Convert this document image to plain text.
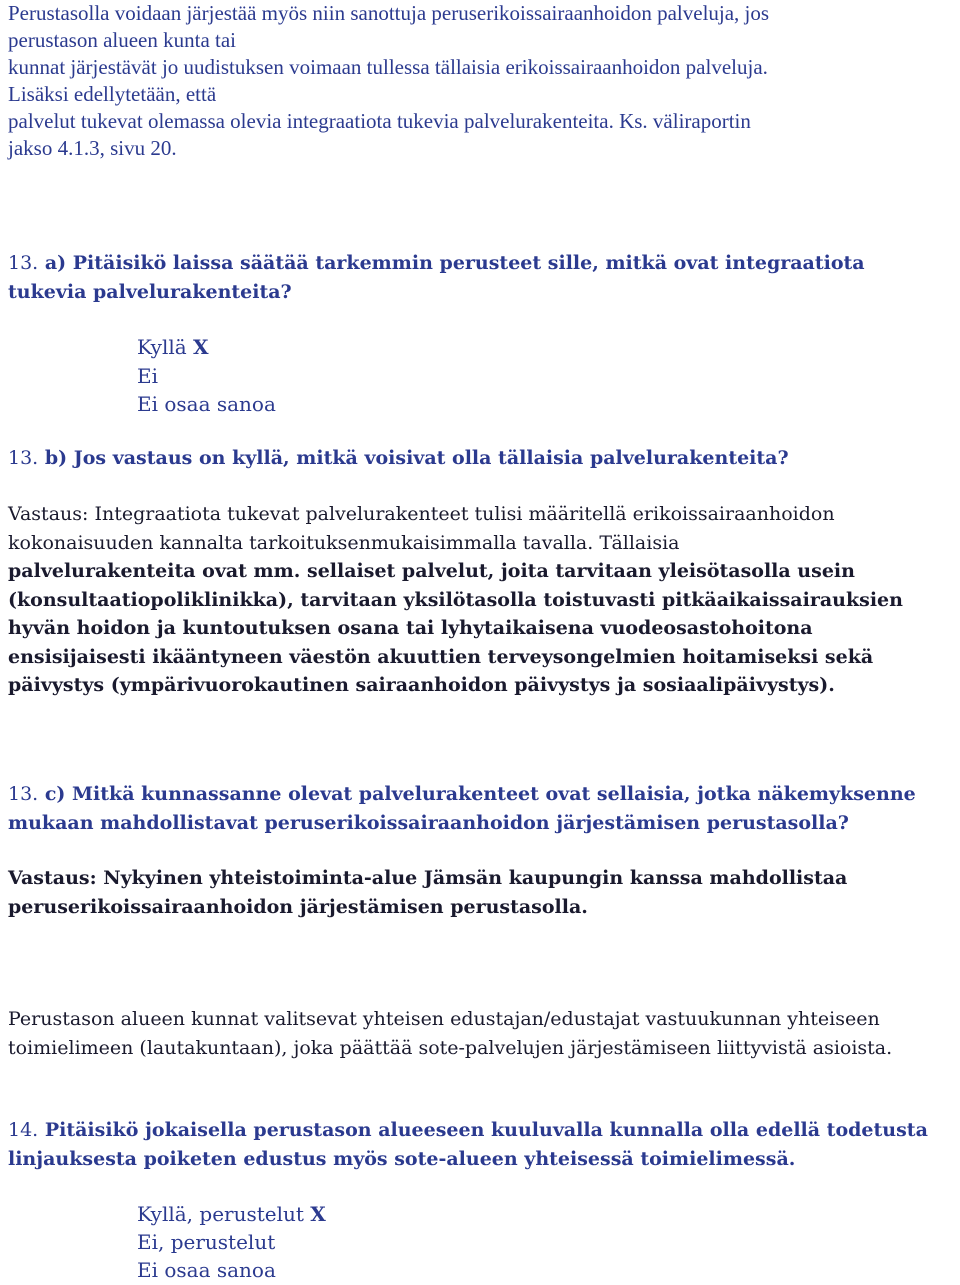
Perustasolla voidaan järjestää myös niin sanottuja peruserikoissairaanhoidon palveluja, jos
perustason alueen kunta tai
kunnat järjestävät jo uudistuksen voimaan tullessa tällaisia erikoissairaanhoidon palveluja.
Lisäksi edellytetään, että
palvelut tukevat olemassa olevia integraatiota tukevia palvelurakenteita. Ks. väliraportin
jakso 4.1.3, sivu 20.
13. a) Pitäisikö laissa säätää tarkemmin perusteet sille, mitkä ovat integraatiota
tukevia palvelurakenteita?
Kyllä X
Ei
Ei osaa sanoa
13. b) Jos vastaus on kyllä, mitkä voisivat olla tällaisia palvelurakenteita?
Vastaus: Integraatiota tukevat palvelurakenteet tulisi määritellä erikoissairaanhoidon
kokonaisuuden kannalta tarkoituksenmukaisimmalla tavalla. Tällaisia
palvelurakenteita ovat mm. sellaiset palvelut, joita tarvitaan yleisötasolla usein
(konsultaatiopoliklinikka), tarvitaan yksilötasolla toistuvasti pitkäaikaissairauksien
hyvän hoidon ja kuntoutuksen osana tai lyhytaikaisena vuodeosastohoitona
ensisijaisesti ikääntyneen väestön akuuttien terveysongelmien hoitamiseksi sekä
päivystys (ympärivuorokautinen sairaanhoidon päivystys ja sosiaalipäivystys).
13. c) Mitkä kunnassanne olevat palvelurakenteet ovat sellaisia, jotka näkemyksenne
mukaan mahdollistavat peruserikoissairaanhoidon järjestämisen perustasolla?
Vastaus: Nykyinen yhteistoiminta-alue Jämsän kaupungin kanssa mahdollistaa
peruserikoissairaanhoidon järjestämisen perustasolla.
Perustason alueen kunnat valitsevat yhteisen edustajan/edustajat vastuukunnan yhteiseen
toimielimeen (lautakuntaan), joka päättää sote-palvelujen järjestämiseen liittyvistä asioista.
14. Pitäisikö jokaisella perustason alueeseen kuuluvalla kunnalla olla edellä todetusta
linjauksesta poiketen edustus myös sote-alueen yhteisessä toimielimessä.
Kyllä, perustelut X
Ei, perustelut
Ei osaa sanoa
